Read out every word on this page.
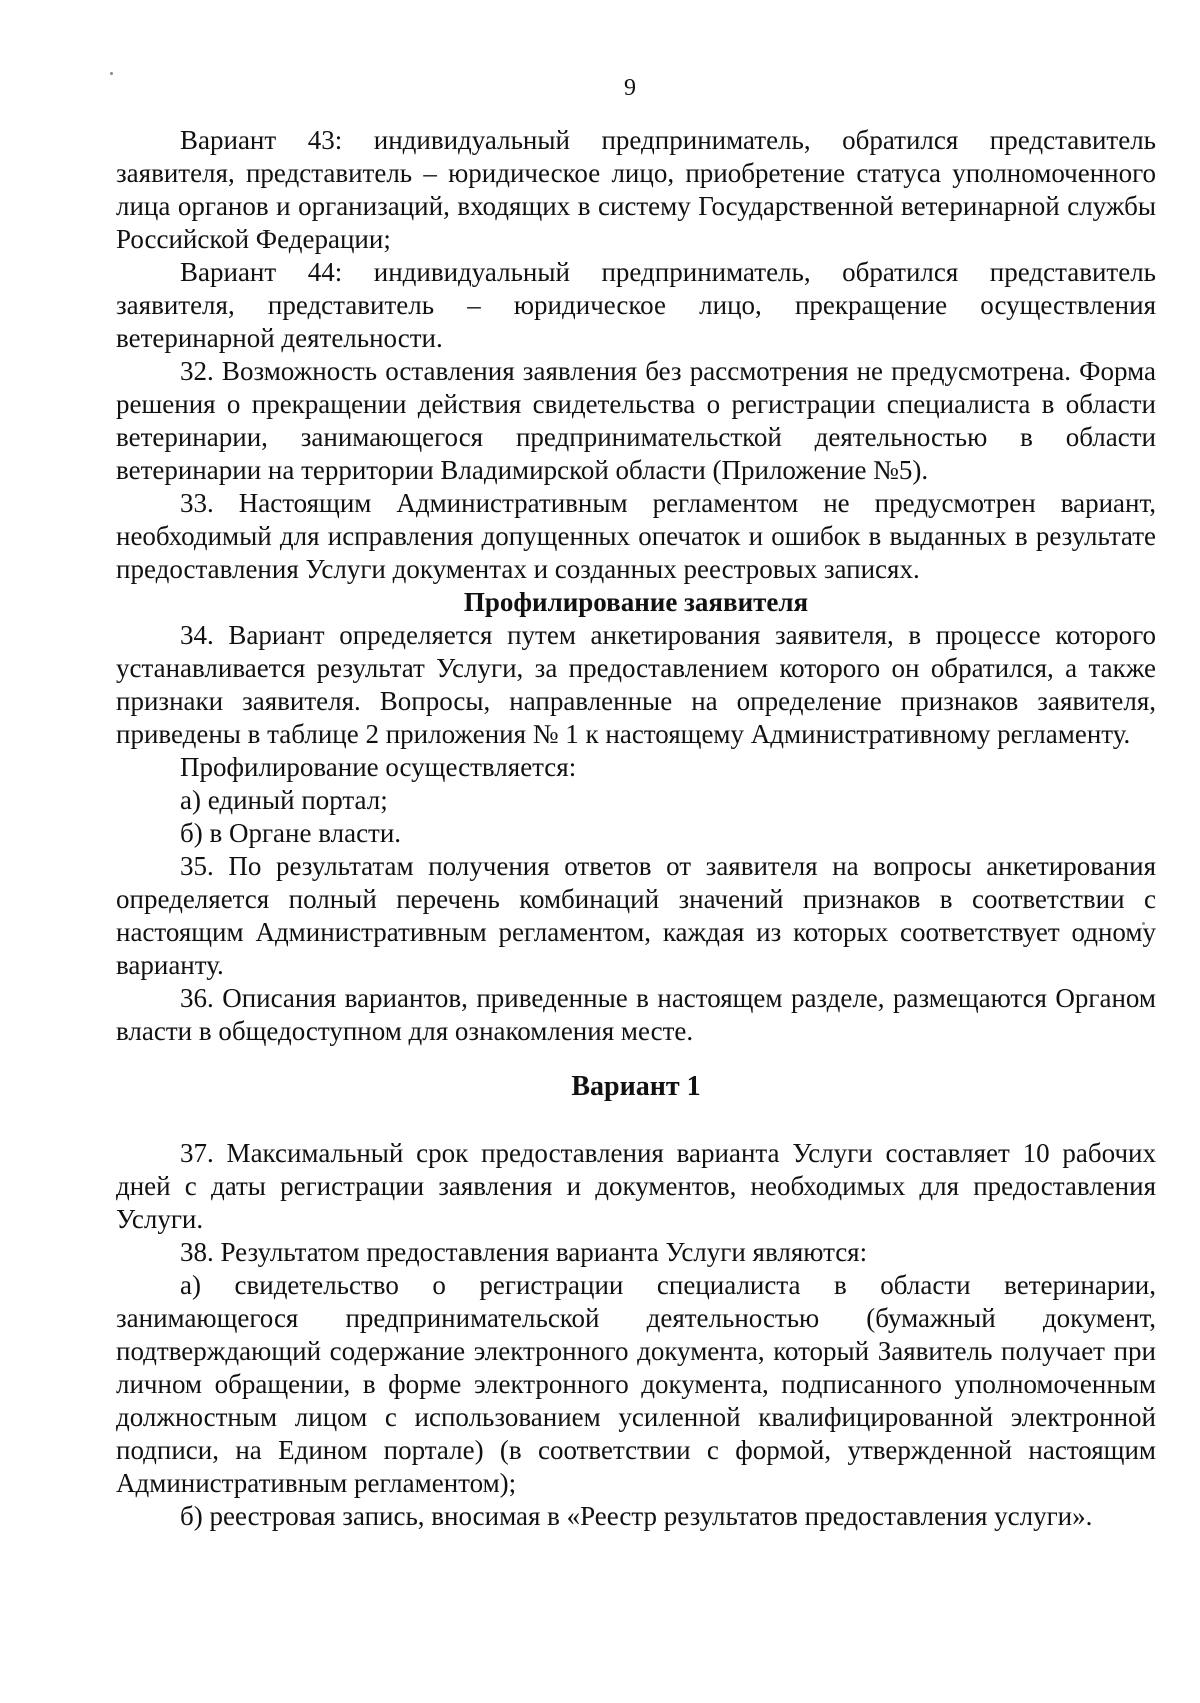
9

Вариант 43: индивидуальный предприниматель, обратился представитель заявителя, представитель – юридическое лицо, приобретение статуса уполномоченного лица органов и организаций, входящих в систему Государственной ветеринарной службы Российской Федерации;

Вариант 44: индивидуальный предприниматель, обратился представитель заявителя, представитель – юридическое лицо, прекращение осуществления ветеринарной деятельности.

32. Возможность оставления заявления без рассмотрения не предусмотрена. Форма решения о прекращении действия свидетельства о регистрации специалиста в области ветеринарии, занимающегося предпринимательсткой деятельностью в области ветеринарии на территории Владимирской области (Приложение №5).

33. Настоящим Административным регламентом не предусмотрен вариант, необходимый для исправления допущенных опечаток и ошибок в выданных в результате предоставления Услуги документах и созданных реестровых записях.

Профилирование заявителя

34. Вариант определяется путем анкетирования заявителя, в процессе которого устанавливается результат Услуги, за предоставлением которого он обратился, а также признаки заявителя. Вопросы, направленные на определение признаков заявителя, приведены в таблице 2 приложения № 1 к настоящему Административному регламенту.

Профилирование осуществляется:

а) единый портал;

б) в Органе власти.

35. По результатам получения ответов от заявителя на вопросы анкетирования определяется полный перечень комбинаций значений признаков в соответствии с настоящим Административным регламентом, каждая из которых соответствует одному варианту.

36. Описания вариантов, приведенные в настоящем разделе, размещаются Органом власти в общедоступном для ознакомления месте.

Вариант 1

37. Максимальный срок предоставления варианта Услуги составляет 10 рабочих дней с даты регистрации заявления и документов, необходимых для предоставления Услуги.

38. Результатом предоставления варианта Услуги являются:

а) свидетельство о регистрации специалиста в области ветеринарии, занимающегося предпринимательской деятельностью (бумажный документ, подтверждающий содержание электронного документа, который Заявитель получает при личном обращении, в форме электронного документа, подписанного уполномоченным должностным лицом с использованием усиленной квалифицированной электронной подписи, на Едином портале) (в соответствии с формой, утвержденной настоящим Административным регламентом);

б) реестровая запись, вносимая в «Реестр результатов предоставления услуги».
